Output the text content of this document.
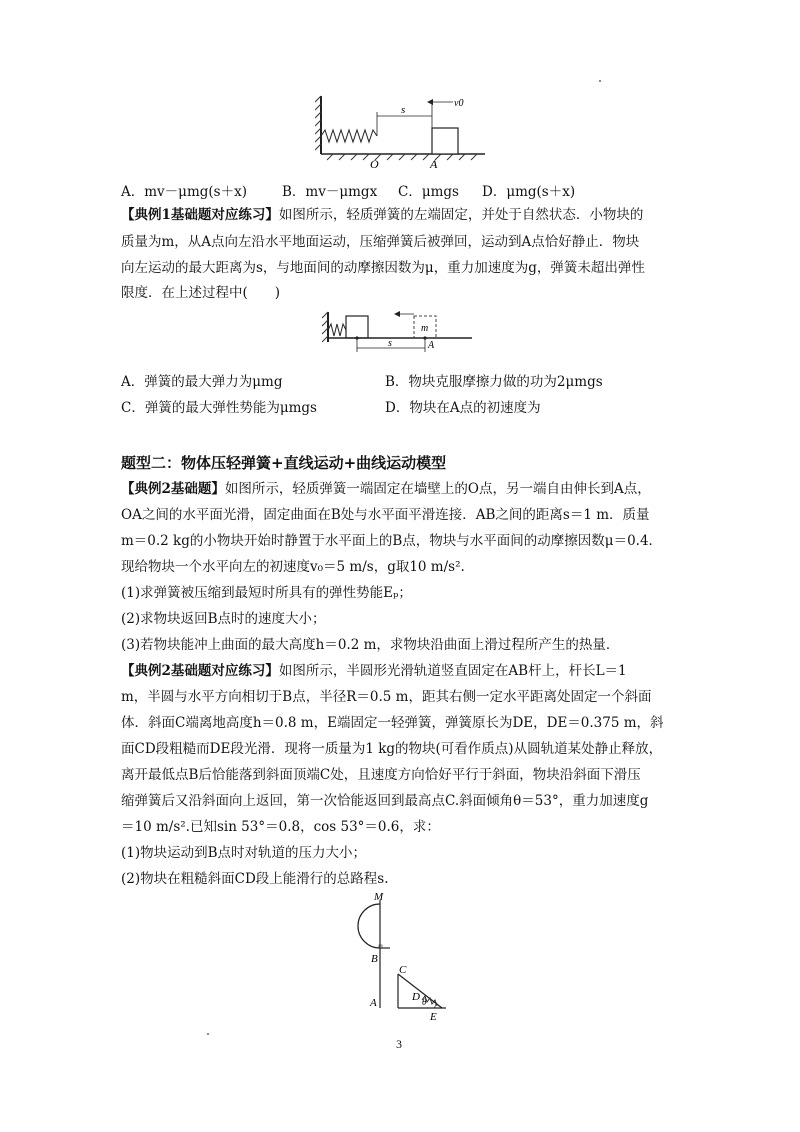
s
v0
O	A
A．mv－μmg(s＋x)	B．mv－μmgx C．μmgs D．μmg(s＋x)
【典例1基础题对应练习】如图所示，轻质弹簧的左端固定，并处于自然状态．小物块的
质量为m，从A点向左沿水平地面运动，压缩弹簧后被弹回，运动到A点恰好静止．物块
向左运动的最大距离为s，与地面间的动摩擦因数为μ，重力加速度为g，弹簧未超出弹性
限度．在上述过程中(　　)
m
s	A
A．弹簧的最大弹力为μmg	B．物块克服摩擦力做的功为2μmgs
C．弹簧的最大弹性势能为μmgs	D．物块在A点的初速度为
题型二：物体压轻弹簧+直线运动+曲线运动模型
【典例2基础题】如图所示，轻质弹簧一端固定在墙壁上的O点，另一端自由伸长到A点，
OA之间的水平面光滑，固定曲面在B处与水平面平滑连接．AB之间的距离s＝1 m．质量
m＝0.2 kg的小物块开始时静置于水平面上的B点，物块与水平面间的动摩擦因数μ＝0.4．
现给物块一个水平向左的初速度v₀＝5 m/s，g取10 m/s².
(1)求弹簧被压缩到最短时所具有的弹性势能Eₚ；
(2)求物块返回B点时的速度大小；
(3)若物块能冲上曲面的最大高度h＝0.2 m，求物块沿曲面上滑过程所产生的热量．
【典例2基础题对应练习】如图所示，半圆形光滑轨道竖直固定在AB杆上，杆长L＝1
m，半圆与水平方向相切于B点，半径R＝0.5 m，距其右侧一定水平距离处固定一个斜面
体．斜面C端离地高度h＝0.8 m，E端固定一轻弹簧，弹簧原长为DE，DE＝0.375 m，斜
面CD段粗糙而DE段光滑．现将一质量为1 kg的物块(可看作质点)从圆轨道某处静止释放，
离开最低点B后恰能落到斜面顶端C处，且速度方向恰好平行于斜面，物块沿斜面下滑压
缩弹簧后又沿斜面向上返回，第一次恰能返回到最高点C.斜面倾角θ＝53°，重力加速度g
＝10 m/s².已知sin 53°＝0.8，cos 53°＝0.6，求：
(1)物块运动到B点时对轨道的压力大小；
(2)物块在粗糙斜面CD段上能滑行的总路程s.
M
B
A
C
D θ
E
3
